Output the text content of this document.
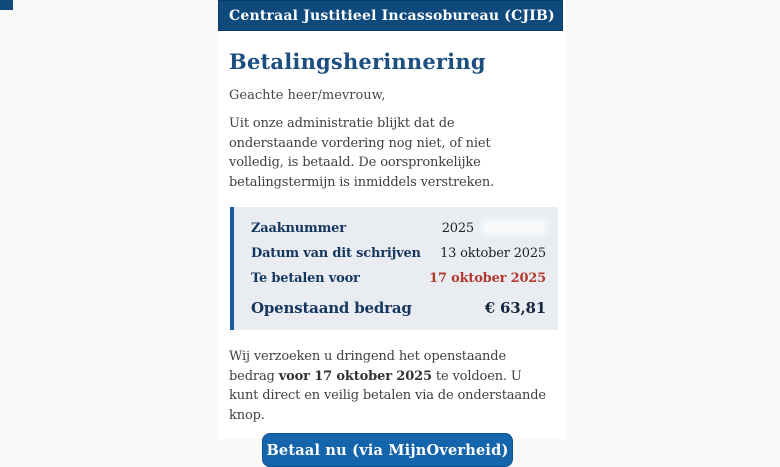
Centraal Justitieel Incassobureau (CJIB)
Betalingsherinnering

Geachte heer/mevrouw,

Uit onze administratie blijkt dat de onderstaande vordering nog niet, of niet volledig, is betaald. De oorspronkelijke betalingstermijn is inmiddels verstreken.

Zaaknummer	2025
Datum van dit schrijven 13 oktober 2025
Te betalen voor	17 oktober 2025
Openstaand bedrag	€ 63,81

Wij verzoeken u dringend het openstaande bedrag voor 17 oktober 2025 te voldoen. U kunt direct en veilig betalen via de onderstaande knop.

Betaal nu (via MijnOverheid)
